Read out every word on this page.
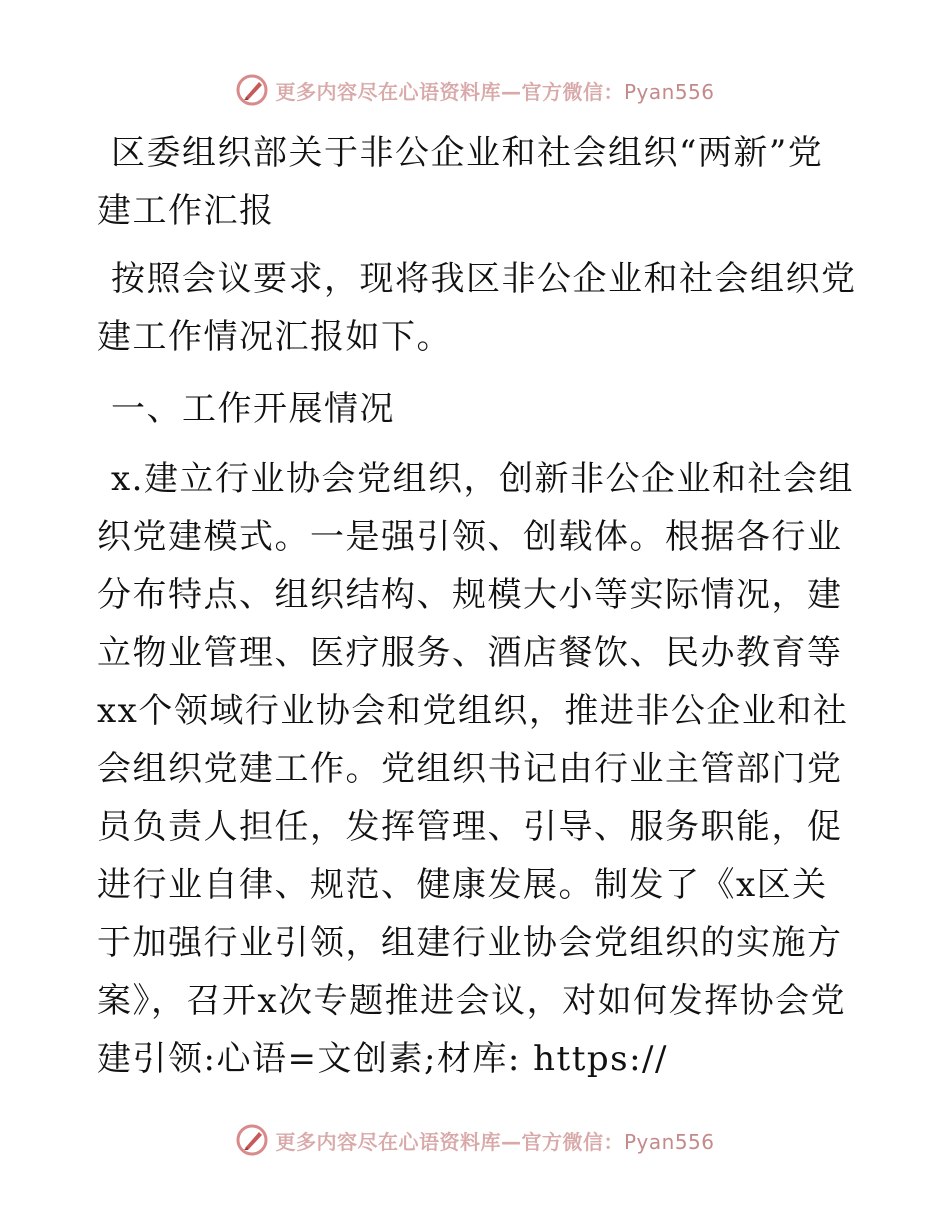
更多内容尽在心语资料库—官方微信：Pyan556

区委组织部关于非公企业和社会组织“两新”党建工作汇报

按照会议要求，现将我区非公企业和社会组织党建工作情况汇报如下。

一、工作开展情况

x.建立行业协会党组织，创新非公企业和社会组织党建模式。一是强引领、创载体。根据各行业分布特点、组织结构、规模大小等实际情况，建立物业管理、医疗服务、酒店餐饮、民办教育等xx个领域行业协会和党组织，推进非公企业和社会组织党建工作。党组织书记由行业主管部门党员负责人担任，发挥管理、引导、服务职能，促进行业自律、规范、健康发展。制发了《x区关于加强行业引领，组建行业协会党组织的实施方案》，召开x次专题推进会议，对如何发挥协会党建引领:心语=文创素;材库: https://

更多内容尽在心语资料库—官方微信：Pyan556
